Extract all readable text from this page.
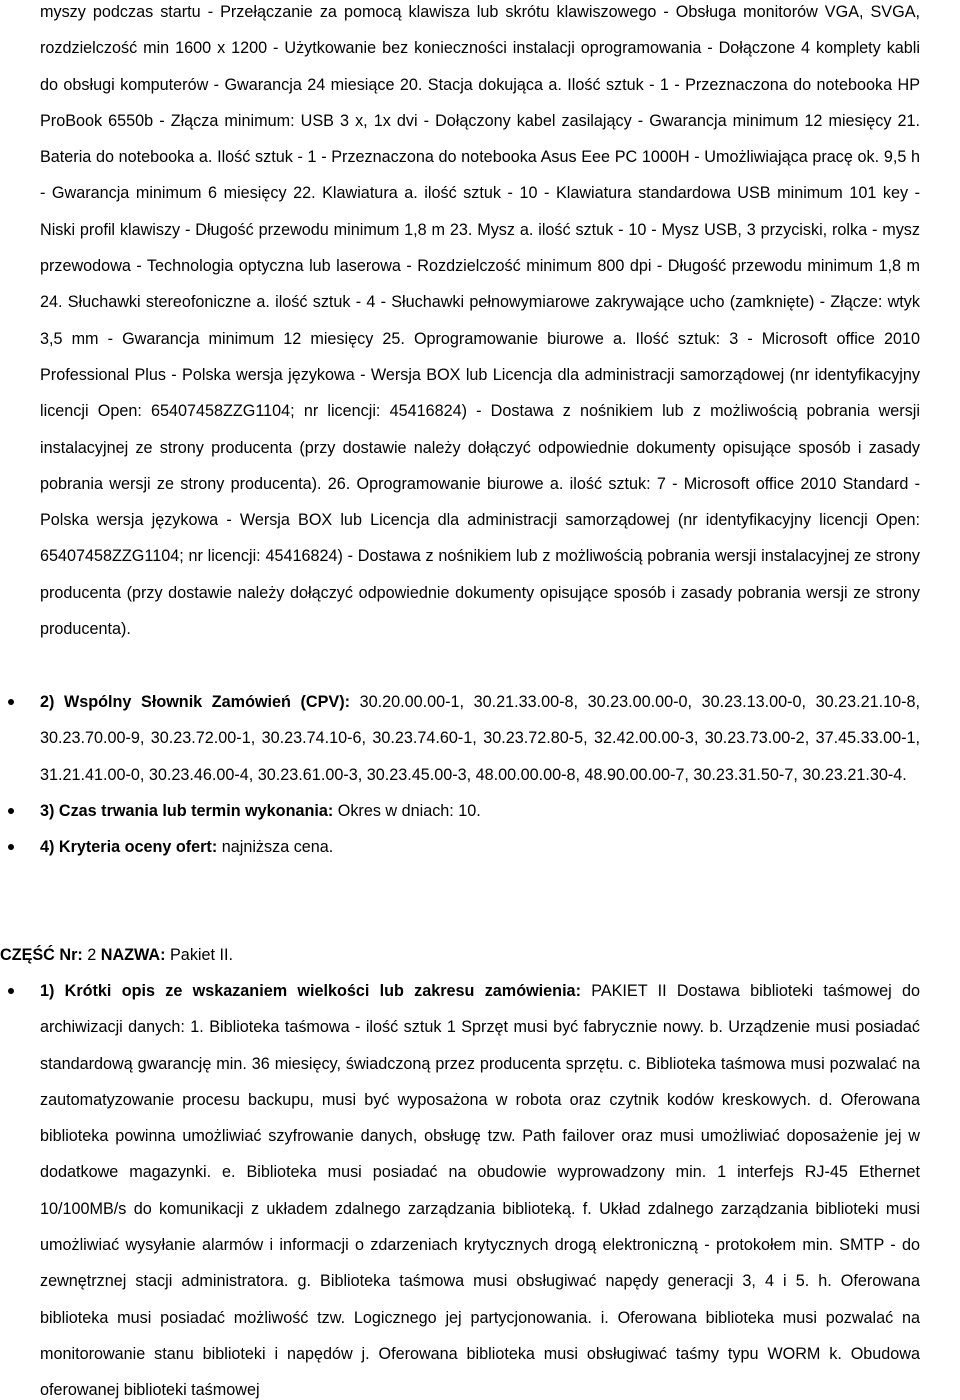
myszy podczas startu - Przełączanie za pomocą klawisza lub skrótu klawiszowego - Obsługa monitorów VGA, SVGA, rozdzielczość min 1600 x 1200 - Użytkowanie bez konieczności instalacji oprogramowania - Dołączone 4 komplety kabli do obsługi komputerów - Gwarancja 24 miesiące 20. Stacja dokująca a. Ilość sztuk - 1 - Przeznaczona do notebooka HP ProBook 6550b - Złącza minimum: USB 3 x, 1x dvi - Dołączony kabel zasilający - Gwarancja minimum 12 miesięcy 21. Bateria do notebooka a. Ilość sztuk - 1 - Przeznaczona do notebooka Asus Eee PC 1000H - Umożliwiająca pracę ok. 9,5 h - Gwarancja minimum 6 miesięcy 22. Klawiatura a. ilość sztuk - 10 - Klawiatura standardowa USB minimum 101 key - Niski profil klawiszy - Długość przewodu minimum 1,8 m 23. Mysz a. ilość sztuk - 10 - Mysz USB, 3 przyciski, rolka - mysz przewodowa - Technologia optyczna lub laserowa - Rozdzielczość minimum 800 dpi - Długość przewodu minimum 1,8 m 24. Słuchawki stereofoniczne a. ilość sztuk - 4 - Słuchawki pełnowymiarowe zakrywające ucho (zamknięte) - Złącze: wtyk 3,5 mm - Gwarancja minimum 12 miesięcy 25. Oprogramowanie biurowe a. Ilość sztuk: 3 - Microsoft office 2010 Professional Plus - Polska wersja językowa - Wersja BOX lub Licencja dla administracji samorządowej (nr identyfikacyjny licencji Open: 65407458ZZG1104; nr licencji: 45416824) - Dostawa z nośnikiem lub z możliwością pobrania wersji instalacyjnej ze strony producenta (przy dostawie należy dołączyć odpowiednie dokumenty opisujące sposób i zasady pobrania wersji ze strony producenta). 26. Oprogramowanie biurowe a. ilość sztuk: 7 - Microsoft office 2010 Standard - Polska wersja językowa - Wersja BOX lub Licencja dla administracji samorządowej (nr identyfikacyjny licencji Open: 65407458ZZG1104; nr licencji: 45416824) - Dostawa z nośnikiem lub z możliwością pobrania wersji instalacyjnej ze strony producenta (przy dostawie należy dołączyć odpowiednie dokumenty opisujące sposób i zasady pobrania wersji ze strony producenta).

2) Wspólny Słownik Zamówień (CPV): 30.20.00.00-1, 30.21.33.00-8, 30.23.00.00-0, 30.23.13.00-0, 30.23.21.10-8, 30.23.70.00-9, 30.23.72.00-1, 30.23.74.10-6, 30.23.74.60-1, 30.23.72.80-5, 32.42.00.00-3, 30.23.73.00-2, 37.45.33.00-1, 31.21.41.00-0, 30.23.46.00-4, 30.23.61.00-3, 30.23.45.00-3, 48.00.00.00-8, 48.90.00.00-7, 30.23.31.50-7, 30.23.21.30-4.
3) Czas trwania lub termin wykonania: Okres w dniach: 10.
4) Kryteria oceny ofert: najniższa cena.

CZĘŚĆ Nr: 2 NAZWA: Pakiet II.

1) Krótki opis ze wskazaniem wielkości lub zakresu zamówienia: PAKIET II Dostawa biblioteki taśmowej do archiwizacji danych: 1. Biblioteka taśmowa - ilość sztuk 1 Sprzęt musi być fabrycznie nowy. b. Urządzenie musi posiadać standardową gwarancję min. 36 miesięcy, świadczoną przez producenta sprzętu. c. Biblioteka taśmowa musi pozwalać na zautomatyzowanie procesu backupu, musi być wyposażona w robota oraz czytnik kodów kreskowych. d. Oferowana biblioteka powinna umożliwiać szyfrowanie danych, obsługę tzw. Path failover oraz musi umożliwiać doposażenie jej w dodatkowe magazynki. e. Biblioteka musi posiadać na obudowie wyprowadzony min. 1 interfejs RJ-45 Ethernet 10/100MB/s do komunikacji z układem zdalnego zarządzania biblioteką. f. Układ zdalnego zarządzania biblioteki musi umożliwiać wysyłanie alarmów i informacji o zdarzeniach krytycznych drogą elektroniczną - protokołem min. SMTP - do zewnętrznej stacji administratora. g. Biblioteka taśmowa musi obsługiwać napędy generacji 3, 4 i 5. h. Oferowana biblioteka musi posiadać możliwość tzw. Logicznego jej partycjonowania. i. Oferowana biblioteka musi pozwalać na monitorowanie stanu biblioteki i napędów j. Oferowana biblioteka musi obsługiwać taśmy typu WORM k. Obudowa oferowanej biblioteki taśmowej
